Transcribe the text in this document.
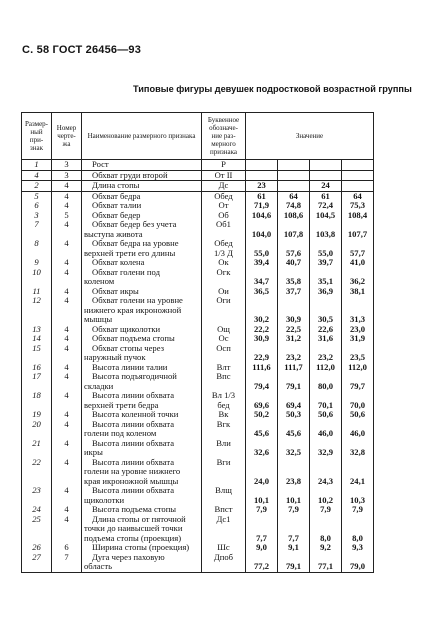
С. 58 ГОСТ 26456—93
Типовые фигуры девушек подростковой возрастной группы
Размер- ный при- знак	Номер черте- жа	Наименование размерного признака	Буквенное обозначе- ние раз- мерного признака	Значение			
1	3	Рост	Р				
4	3	Обхват груди второй	От II				
2	4	Длина стопы	Дс	23		24	
5	4	Обхват бедра	Обед	61	64	61	64
6	4	Обхват талии	От	71,9	74,8	72,4	75,3
3	5	Обхват бедер	Об	104,6	108,6	104,5	108,4
7	4	Обхват бедер без учета	Об1				
		выступа живота		104,0	107,8	103,8	107,7
8	4	Обхват бедра на уровне	Обед				
		верхней трети его длины	1/3 Д	55,0	57,6	55,0	57,7
9	4	Обхват колена	Ок	39,4	40,7	39,7	41,0
10	4	Обхват голени под	Огк				
		коленом		34,7	35,8	35,1	36,2
11	4	Обхват икры	Ои	36,5	37,7	36,9	38,1
12	4	Обхват голени на уровне	Оги				
		нижнего края икроножной					
		мышцы		30,2	30,9	30,5	31,3
13	4	Обхват щиколотки	Ощ	22,2	22,5	22,6	23,0
14	4	Обхват подъема стопы	Ос	30,9	31,2	31,6	31,9
15	4	Обхват стопы через	Осп				
		наружный пучок		22,9	23,2	23,2	23,5
16	4	Высота линии талии	Влт	111,6	111,7	112,0	112,0
17	4	Высота подъягодичной	Впс				
		складки		79,4	79,1	80,0	79,7
18	4	Высота линии обхвата	Вл 1/3				
		верхней трети бедра	бед	69,6	69,4	70,1	70,0
19	4	Высота коленной точки	Вк	50,2	50,3	50,6	50,6
20	4	Высота линии обхвата	Вгк				
		голени под коленом		45,6	45,6	46,0	46,0
21	4	Высота линии обхвата	Вли				
		икры		32,6	32,5	32,9	32,8
22	4	Высота линии обхвата	Вги				
		голени на уровне нижнего					
		края икроножной мышцы		24,0	23,8	24,3	24,1
23	4	Высота линии обхвата	Влщ				
		щиколотки		10,1	10,1	10,2	10,3
24	4	Высота подъема стопы	Впст	7,9	7,9	7,9	7,9
25	4	Длина стопы от пяточной	Дс1				
		точки до наивысшей точки					
		подъема стопы (проекция)		7,7	7,7	8,0	8,0
26	6	Ширина стопы (проекция)	Шс	9,0	9,1	9,2	9,3
27	7	Дуга через паховую	Дпоб				
		область		77,2	79,1	77,1	79,0
